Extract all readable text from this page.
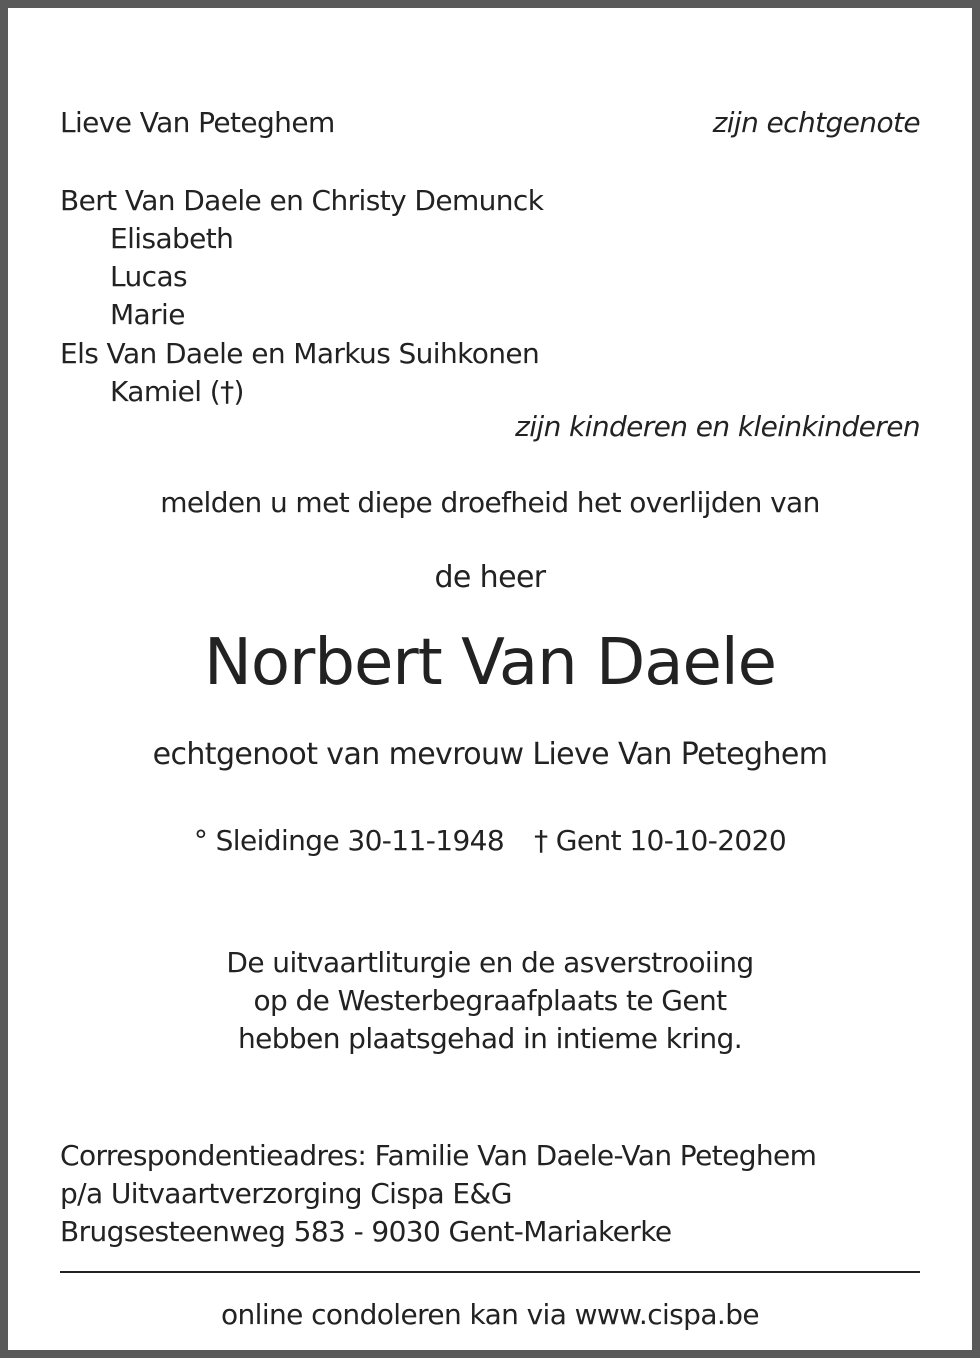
Lieve Van Peteghem	zijn echtgenote
Bert Van Daele en Christy Demunck
Elisabeth
Lucas
Marie
Els Van Daele en Markus Suihkonen
Kamiel (†)
zijn kinderen en kleinkinderen
melden u met diepe droefheid het overlijden van
de heer
Norbert Van Daele
echtgenoot van mevrouw Lieve Van Peteghem
° Sleidinge 30-11-1948 † Gent 10-10-2020
De uitvaartliturgie en de asverstrooiing
op de Westerbegraafplaats te Gent
hebben plaatsgehad in intieme kring.
Correspondentieadres: Familie Van Daele-Van Peteghem
p/a Uitvaartverzorging Cispa E&G
Brugsesteenweg 583 - 9030 Gent-Mariakerke
online condoleren kan via www.cispa.be
